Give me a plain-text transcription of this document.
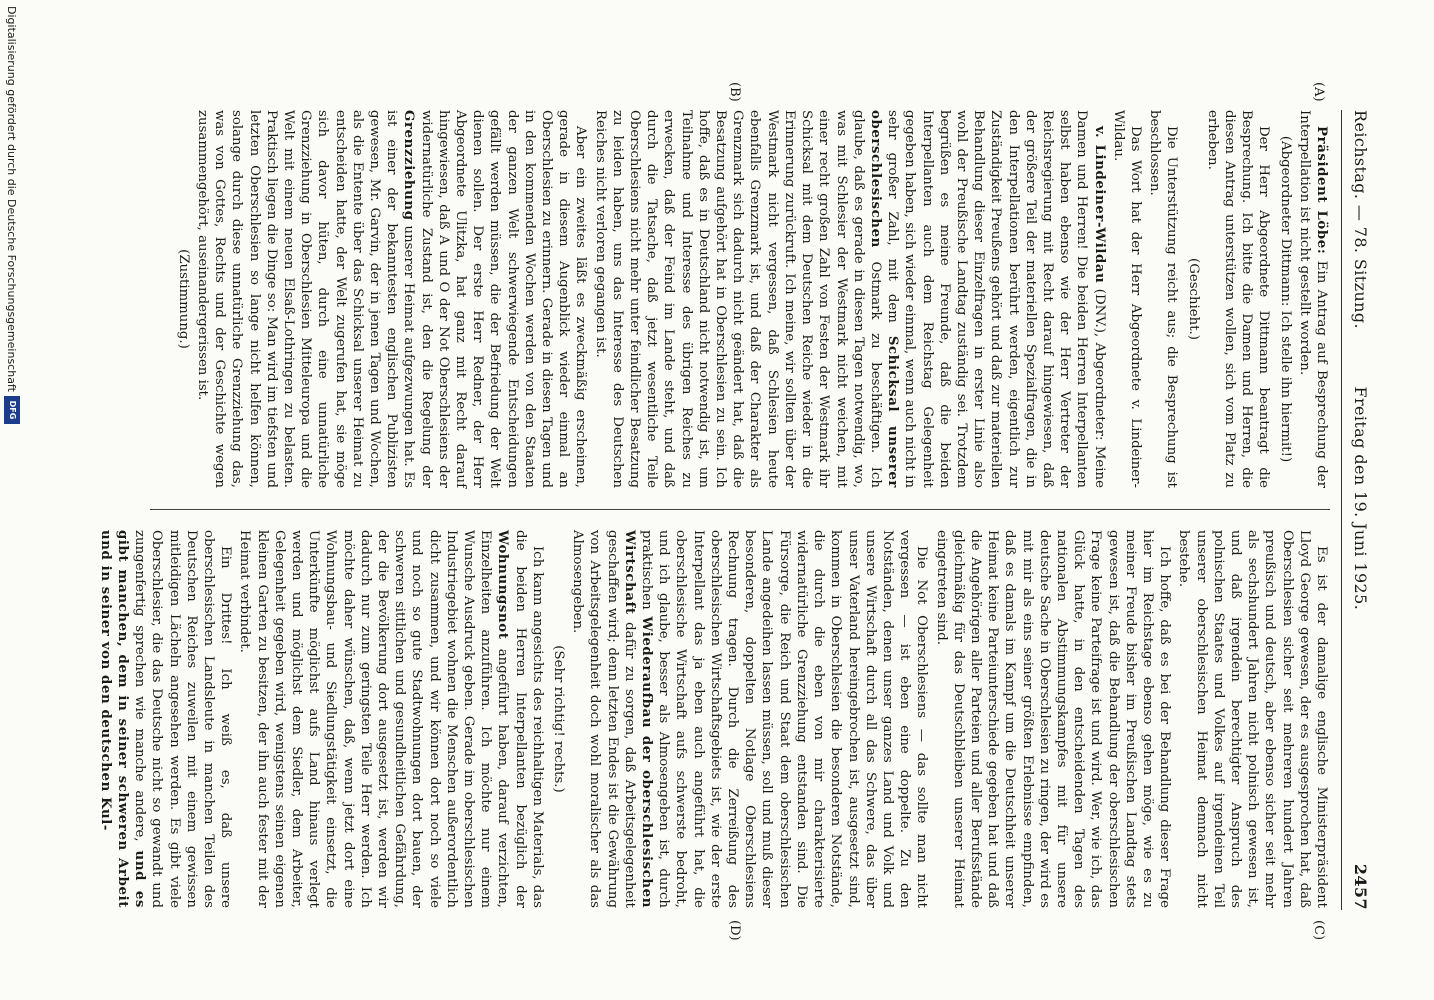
Reichstag. — 78. Sitzung. Freitag den 19. Juni 1925.
2457
(A)
(B)
(C)
(D)

Präsident Löbe: Ein Antrag auf Besprechung der Interpellation ist nicht gestellt worden.

(Abgeordneter Dittmann: Ich stelle ihn hiermit!)

Der Herr Abgeordnete Dittmann beantragt die Besprechung. Ich bitte die Damen und Herren, die diesen Antrag unterstützen wollen, sich vom Platz zu erheben.

(Geschieht.)

Die Unterstützung reicht aus; die Besprechung ist beschlossen.

Das Wort hat der Herr Abgeordnete v. Lindeiner-Wildau.

v. Lindeiner-Wildau (DNV.), Abgeordneter: Meine Damen und Herren! Die beiden Herren Interpellanten selbst haben ebenso wie der Herr Vertreter der Reichsregierung mit Recht darauf hingewiesen, daß der größere Teil der materiellen Spezialfragen, die in den Interpellationen berührt werden, eigentlich zur Zuständigkeit Preußens gehört und daß zur materiellen Behandlung dieser Einzelfragen in erster Linie also wohl der Preußische Landtag zuständig sei. Trotzdem begrüßen es meine Freunde, daß die beiden Interpellanten auch dem Reichstag Gelegenheit gegeben haben, sich wieder einmal, wenn auch nicht in sehr großer Zahl, mit dem Schicksal unserer oberschlesischen Ostmark zu beschäftigen. Ich glaube, daß es gerade in diesen Tagen notwendig, wo, was mit Schlesier der Westmark nicht weichen, mit einer recht großen Zahl von Festen der Westmark ihr Schicksal mit dem Deutschen Reiche wieder in die Erinnerung zurückruft. Ich meine, wir sollten über der Westmark nicht vergessen, daß Schlesien heute ebenfalls Grenzmark ist, und daß der Charakter als Grenzmark sich dadurch nicht geändert hat, daß die Besatzung aufgehört hat in Oberschlesien zu sein. Ich hoffe, daß es in Deutschland nicht notwendig ist, um Teilnahme und Interesse des übrigen Reiches zu erwecken, daß der Feind im Lande steht, und daß durch die Tatsache, daß jetzt wesentliche Teile Oberschlesiens nicht mehr unter feindlicher Besatzung zu leiden haben, uns das Interesse des Deutschen Reiches nicht verloren gegangen ist.

Aber ein zweites läßt es zweckmäßig erscheinen, gerade in diesem Augenblick wieder einmal an Oberschlesien zu erinnern. Gerade in diesen Tagen und in den kommenden Wochen werden von den Staaten der ganzen Welt schwerwiegende Entscheidungen gefällt werden müssen, die der Befriedung der Welt dienen sollen. Der erste Herr Redner, der Herr Abgeordnete Ulitzka, hat ganz mit Recht darauf hingewiesen, daß A und O der Not Oberschlesiens der widernatürliche Zustand ist, den die Regelung der Grenzziehung unserer Heimat aufgezwungen hat. Es ist einer der bekanntesten englischen Publizisten gewesen, Mr. Garvin, der in jenen Tagen und Wochen, als die Entente über das Schicksal unserer Heimat zu entscheiden hatte, der Welt zugerufen hat, sie möge sich davor hüten, durch eine unnatürliche Grenzziehung in Oberschlesien Mitteleuropa und die Welt mit einem neuen Elsaß-Lothringen zu belasten. Praktisch liegen die Dinge so: Man wird im tiefsten und letzten Oberschlesien so lange nicht helfen können, solange durch diese unnatürliche Grenzziehung das, was von Gottes, Rechts und der Geschichte wegen zusammengehört, auseinandergerissen ist.

(Zustimmung.)

Es ist der damalige englische Ministerpräsident Lloyd George gewesen, der es ausgesprochen hat, daß Oberschlesien sicher seit mehreren hundert Jahren preußisch und deutsch, aber ebenso sicher seit mehr als sechshundert Jahren nicht polnisch gewesen ist, und daß irgendein berechtigter Anspruch des polnischen Staates und Volkes auf irgendeinen Teil unserer oberschlesischen Heimat demnach nicht bestehe.

Ich hoffe, daß es bei der Behandlung dieser Frage hier im Reichstage ebenso gehen möge, wie es zu meiner Freude bisher im Preußischen Landtag stets gewesen ist, daß die Behandlung der oberschlesischen Frage keine Parteifrage ist und wird. Wer, wie ich, das Glück hatte, in den entscheidenden Tagen des nationalen Abstimmungskampfes mit für unsere deutsche Sache in Oberschlesien zu ringen, der wird es mit mir als eins seiner größten Erlebnisse empfinden, daß es damals im Kampf um die Deutschheit unserer Heimat keine Parteiunterschiede gegeben hat und daß die Angehörigen aller Parteien und aller Berufsstände gleichmäßig für das Deutschbleiben unserer Heimat eingetreten sind.

Die Not Oberschlesiens — das sollte man nicht vergessen — ist eben eine doppelte. Zu den Notständen, denen unser ganzes Land und Volk und unsere Wirtschaft durch all das Schwere, das über unser Vaterland hereingebrochen ist, ausgesetzt sind, kommen in Oberschlesien die besonderen Notstände, die durch die eben von mir charakterisierte widernatürliche Grenzziehung entstanden sind. Die Fürsorge, die Reich und Staat dem oberschlesischen Lande angedeihen lassen müssen, soll und muß dieser besonderen, doppelten Notlage Oberschlesiens Rechnung tragen. Durch die Zerreißung des oberschlesischen Wirtschaftsgebiets ist, wie der erste Interpellant das ja eben auch angeführt hat, die oberschlesische Wirtschaft aufs schwerste bedroht, und ich glaube, besser als Almosengeben ist, durch praktischen Wiederaufbau der oberschlesischen Wirtschaft dafür zu sorgen, daß Arbeitsgelegenheit geschaffen wird; denn letzten Endes ist die Gewährung von Arbeitsgelegenheit doch wohl moralischer als das Almosengeben.

(Sehr richtig! rechts.)

Ich kann angesichts des reichhaltigen Materials, das die beiden Herren Interpellanten bezüglich der Wohnungsnot angeführt haben, darauf verzichten, Einzelheiten anzuführen. Ich möchte nur einem Wunsche Ausdruck geben. Gerade im oberschlesischen Industriegebiet wohnen die Menschen außerordentlich dicht zusammen, und wir können dort noch so viele und noch so gute Stadtwohnungen dort bauen, der schweren sittlichen und gesundheitlichen Gefährdung, der die Bevölkerung dort ausgesetzt ist, werden wir dadurch nur zum geringsten Teile Herr werden. Ich möchte daher wünschen, daß, wenn jetzt dort eine Wohnungsbau- und Siedlungstätigkeit einsetzt, die Unterkünfte möglichst aufs Land hinaus verlegt werden und möglichst dem Siedler, dem Arbeiter, Gelegenheit gegeben wird, wenigstens seinen eigenen kleinen Garten zu besitzen, der ihn auch fester mit der Heimat verbindet.

Ein Drittes! Ich weiß es, daß unsere oberschlesischen Landsleute in manchen Teilen des Deutschen Reiches zuweilen mit einem gewissen mitleidigen Lächeln angesehen werden. Es gibt viele Oberschlesier, die das Deutsche nicht so gewandt und zungenfertig sprechen wie manche andere, und es gibt manchen, dem in seiner schweren Arbeit und in seiner von den deutschen Kul-

Digitalisierung gefördert durch die Deutsche Forschungsgemeinschaft
DFG
